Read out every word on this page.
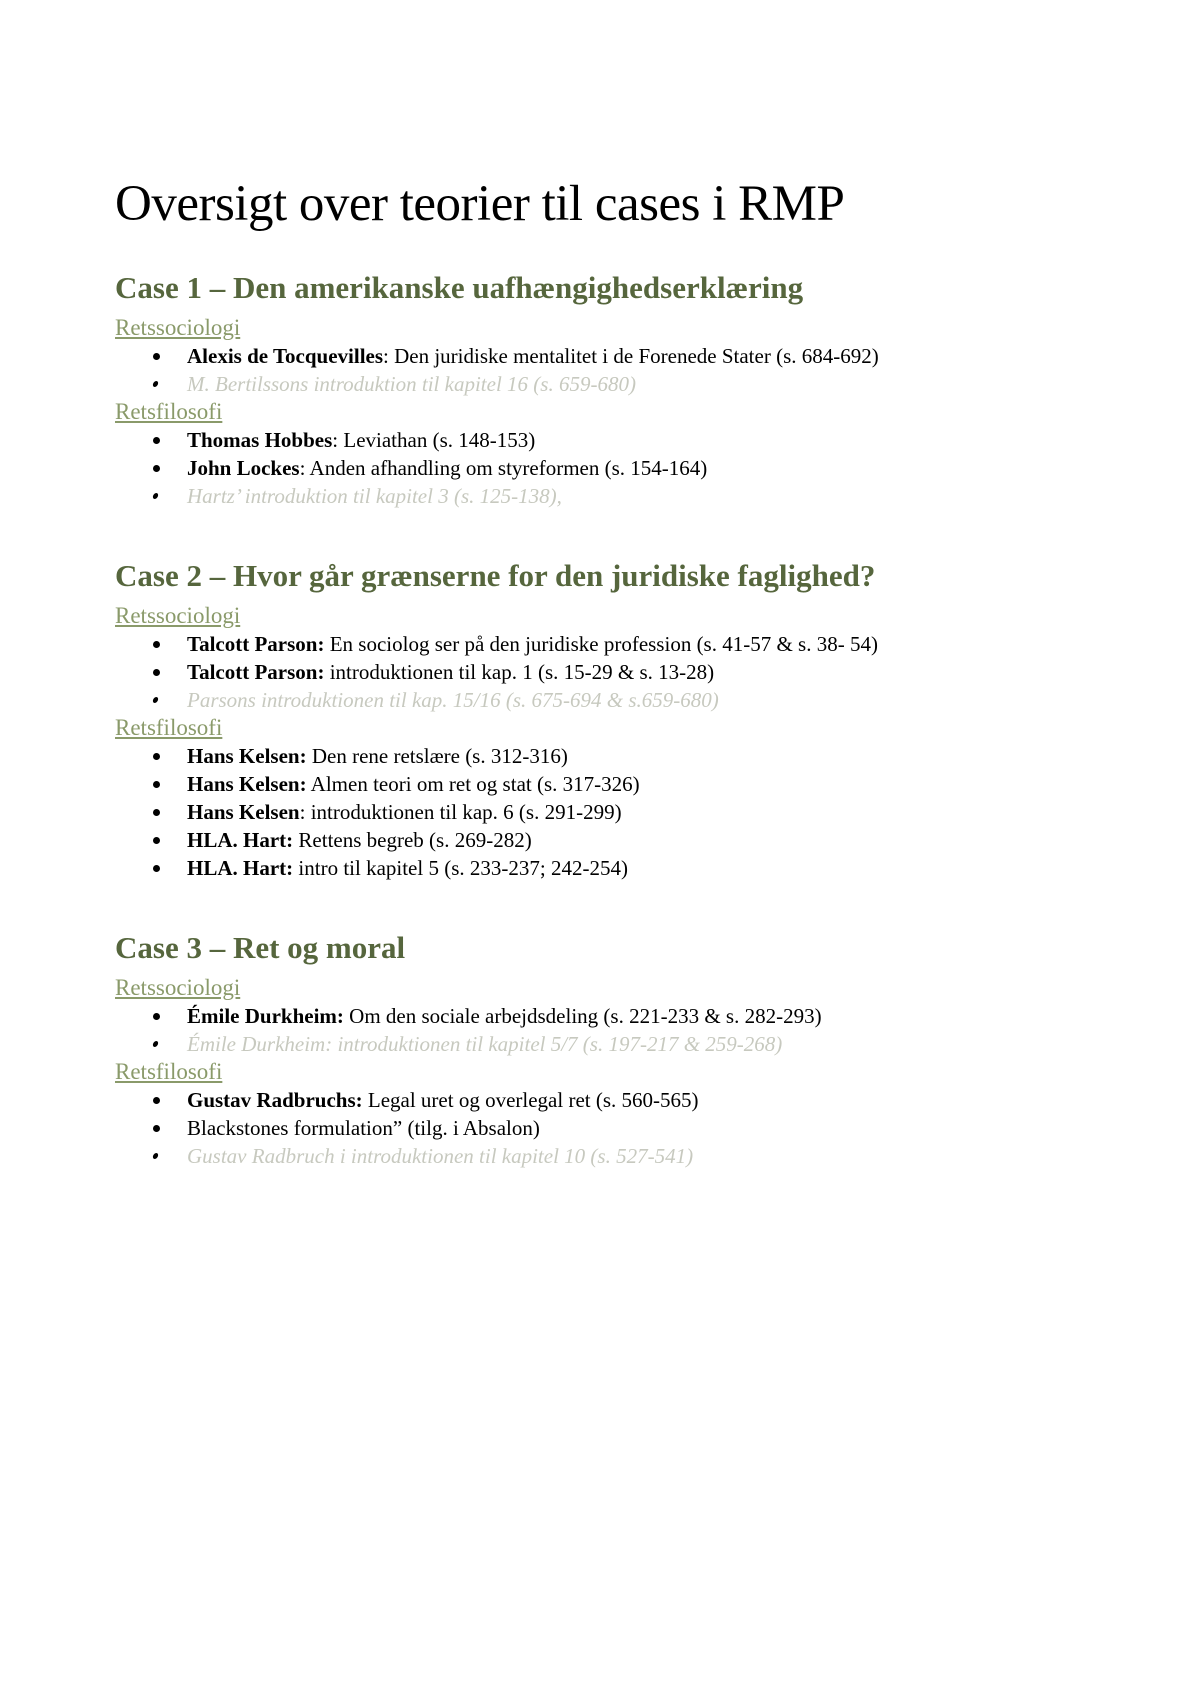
Oversigt over teorier til cases i RMP
Case 1 – Den amerikanske uafhængighedserklæring
Retssociologi
Alexis de Tocquevilles: Den juridiske mentalitet i de Forenede Stater (s. 684-692)
M. Bertilssons introduktion til kapitel 16 (s. 659-680)
Retsfilosofi
Thomas Hobbes: Leviathan (s. 148-153)
John Lockes: Anden afhandling om styreformen (s. 154-164)
Hartz’ introduktion til kapitel 3 (s. 125-138),
Case 2 – Hvor går grænserne for den juridiske faglighed?
Retssociologi
Talcott Parson: En sociolog ser på den juridiske profession (s. 41-57 & s. 38- 54)
Talcott Parson: introduktionen til kap. 1 (s. 15-29 & s. 13-28)
Parsons introduktionen til kap. 15/16 (s. 675-694 & s.659-680)
Retsfilosofi
Hans Kelsen: Den rene retslære (s. 312-316)
Hans Kelsen: Almen teori om ret og stat (s. 317-326)
Hans Kelsen: introduktionen til kap. 6 (s. 291-299)
HLA. Hart: Rettens begreb (s. 269-282)
HLA. Hart: intro til kapitel 5 (s. 233-237; 242-254)
Case 3 – Ret og moral
Retssociologi
Émile Durkheim: Om den sociale arbejdsdeling (s. 221-233 & s. 282-293)
Émile Durkheim: introduktionen til kapitel 5/7 (s. 197-217 & 259-268)
Retsfilosofi
Gustav Radbruchs: Legal uret og overlegal ret (s. 560-565)
Blackstones formulation” (tilg. i Absalon)
Gustav Radbruch i introduktionen til kapitel 10 (s. 527-541)
